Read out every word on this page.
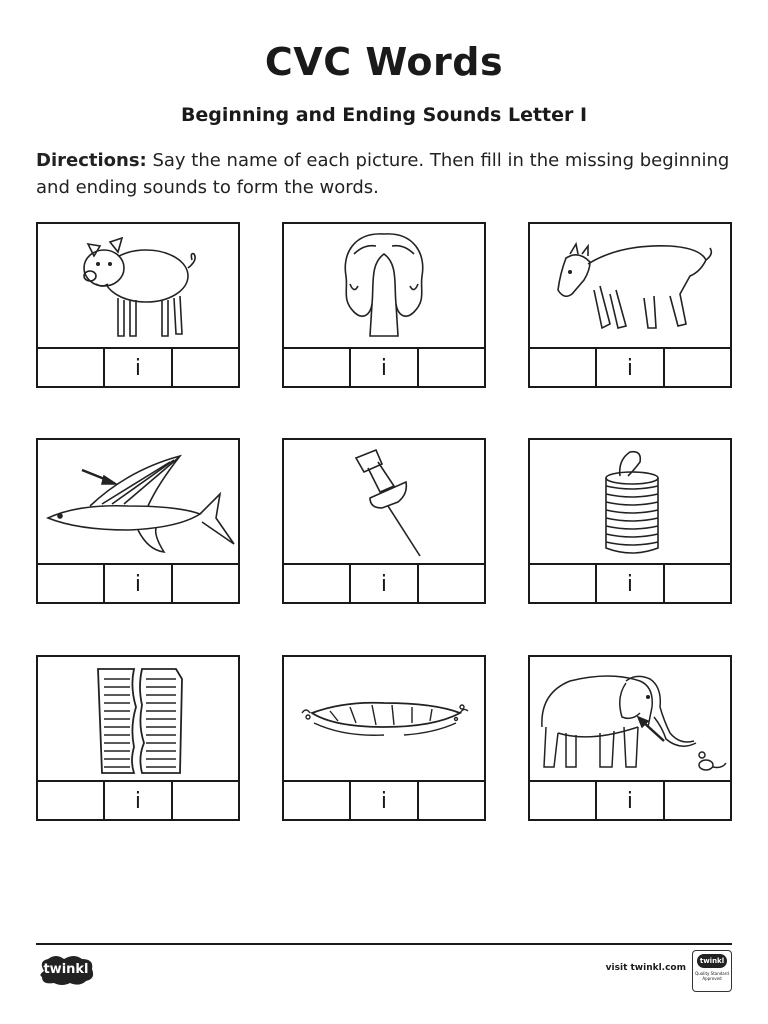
CVC Words
Beginning and Ending Sounds Letter I
Directions: Say the name of each picture. Then fill in the missing beginning and ending sounds to form the words.
i	i	i
i	i	i
i	i	i
twinkl	visit twinkl.com
twinkl
Quality Standard Approved
